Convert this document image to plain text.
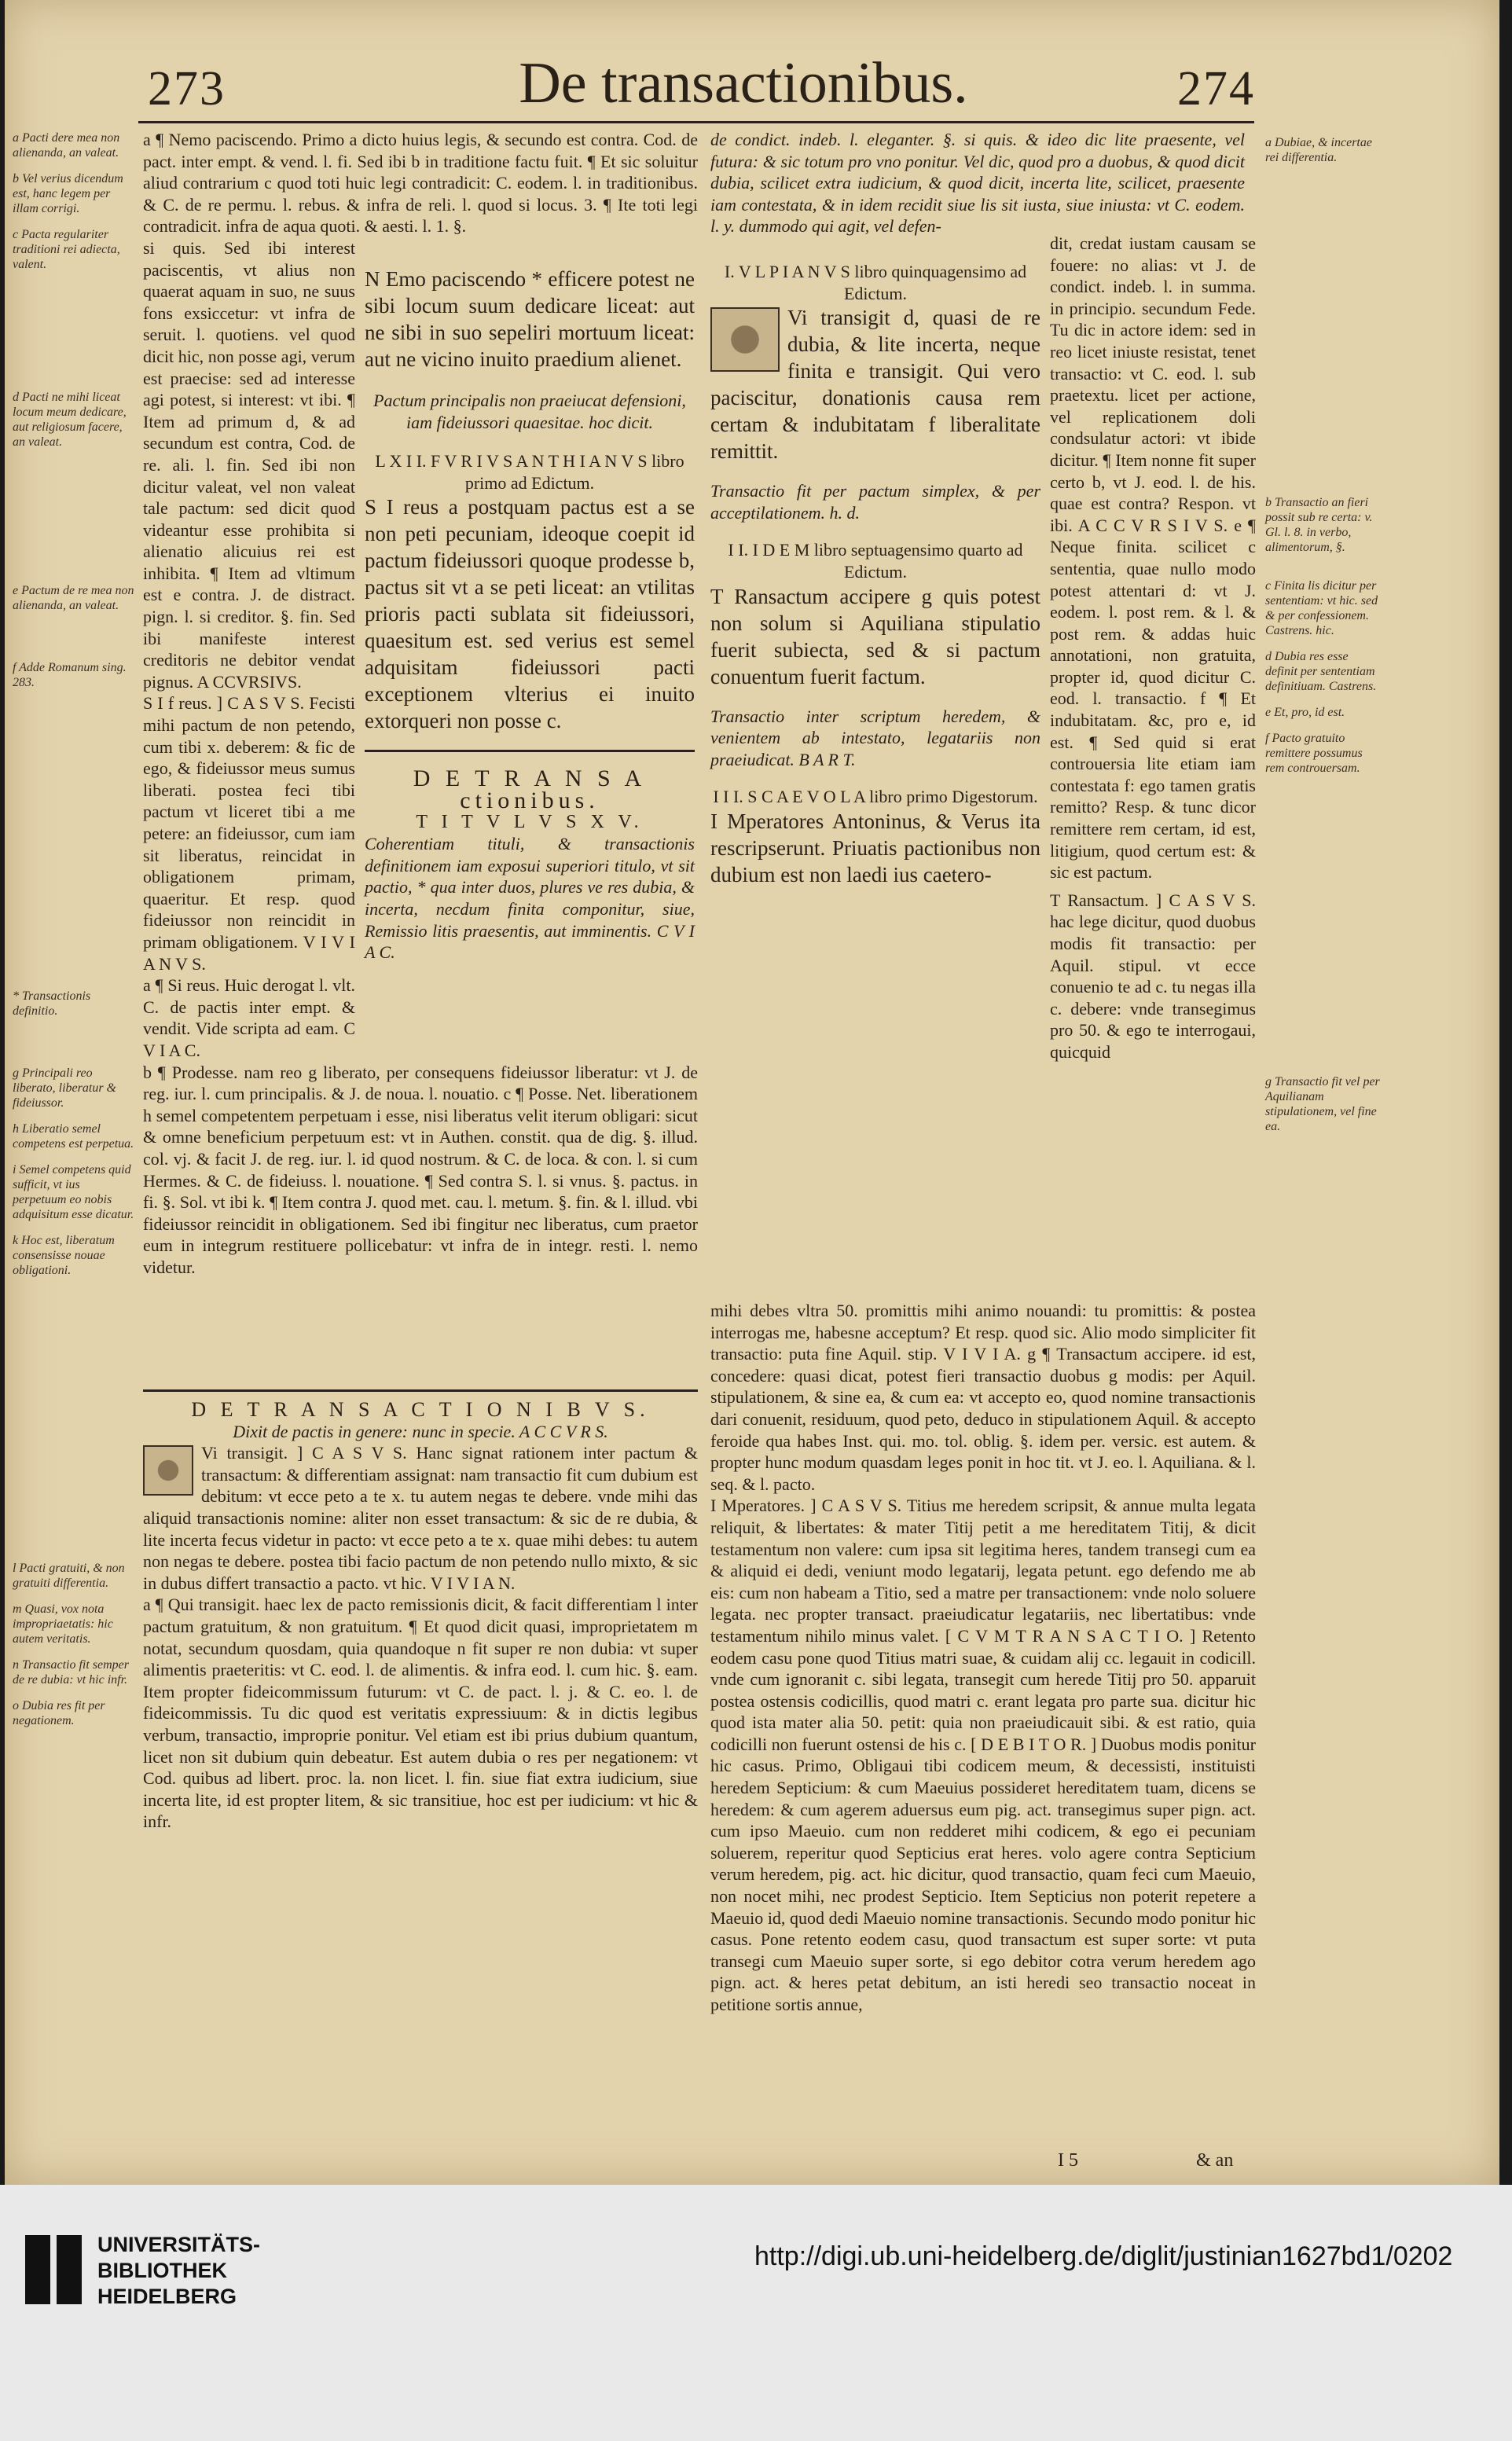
273	De transactionibus.	274

a Pacti dere mea non alienanda, an valeat.

b Vel verius dicendum est, hanc legem per illam corrigi.

c Pacta regulariter traditioni rei adiecta, valent.

d Pacti ne mihi liceat locum meum dedicare, aut religiosum facere, an valeat.

e Pactum de re mea non alienanda, an valeat.

f Adde Romanum sing. 283.

* Transactionis definitio.

g Principali reo liberato, liberatur & fideiussor.

h Liberatio semel competens est perpetua.

i Semel competens quid sufficit, vt ius perpetuum eo nobis adquisitum esse dicatur.

k Hoc est, liberatum consensisse nouae obligationi.

l Pacti gratuiti, & non gratuiti differentia.

m Quasi, vox nota impropriaetatis: hic autem veritatis.

n Transactio fit semper de re dubia: vt hic infr.

o Dubia res fit per negationem.

a ¶ Nemo paciscendo. Primo a dicto huius legis, & secundo est contra. Cod. de pact. inter empt. & vend. l. fi. Sed ibi b in traditione factu fuit. ¶ Et sic soluitur aliud contrarium c quod toti huic legi contradicit: C. eodem. l. in traditionibus. & C. de re permu. l. rebus. & infra de reli. l. quod si locus. 3. ¶ Ite toti legi contradicit. infra de aqua quoti. & aesti. l. 1. §.

si quis. Sed ibi interest paciscentis, vt alius non quaerat aquam in suo, ne suus fons exsiccetur: vt infra de seruit. l. quotiens. vel quod dicit hic, non posse agi, verum est praecise: sed ad interesse agi potest, si interest: vt ibi. ¶ Item ad primum d, & ad secundum est contra, Cod. de re. ali. l. fin. Sed ibi non dicitur valeat, vel non valeat tale pactum: sed dicit quod videantur esse prohibita si alienatio alicuius rei est inhibita. ¶ Item ad vltimum est e contra. J. de distract. pign. l. si creditor. §. fin. Sed ibi manifeste interest creditoris ne debitor vendat pignus. A CCVRSIVS.

S I f reus. ] C A S V S. Fecisti mihi pactum de non petendo, cum tibi x. deberem: & fic de ego, & fideiussor meus sumus liberati. postea feci tibi pactum vt liceret tibi a me petere: an fideiussor, cum iam sit liberatus, reincidat in obligationem primam, quaeritur. Et resp. quod fideiussor non reincidit in primam obligationem. V I V I A N V S.

a ¶ Si reus. Huic derogat l. vlt. C. de pactis inter empt. & vendit. Vide scripta ad eam. C V I A C.

b ¶ Prodesse. nam reo g liberato, per consequens fideiussor liberatur: vt J. de reg. iur. l. cum principalis. & J. de noua. l. nouatio. c ¶ Posse. Net. liberationem h semel competentem perpetuam i esse, nisi liberatus velit iterum obligari: sicut & omne beneficium perpetuum est: vt in Authen. constit. qua de dig. §. illud. col. vj. & facit J. de reg. iur. l. id quod nostrum. & C. de loca. & con. l. si cum Hermes. & C. de fideiuss. l. nouatione. ¶ Sed contra S. l. si vnus. §. pactus. in fi. §. Sol. vt ibi k. ¶ Item contra J. quod met. cau. l. metum. §. fin. & l. illud. vbi fideiussor reincidit in obligationem. Sed ibi fingitur nec liberatus, cum praetor eum in integrum restituere pollicebatur: vt infra de in integr. resti. l. nemo videtur.

N Emo paciscendo * efficere potest ne sibi locum suum dedicare liceat: aut ne sibi in suo sepeliri mortuum liceat: aut ne vicino inuito praedium alienet.

Pactum principalis non praeiucat defensioni, iam fideiussori quaesitae. hoc dicit.

L X I I. F V R I V S A N T H I A N V S libro primo ad Edictum.

S I reus a postquam pactus est a se non peti pecuniam, ideoque coepit id pactum fideiussori quoque prodesse b, pactus sit vt a se peti liceat: an vtilitas prioris pacti sublata sit fideiussori, quaesitum est. sed verius est semel adquisitam fideiussori pacti exceptionem vlterius ei inuito extorqueri non posse c.

D E T R A N S A ctionibus.

T I T V L V S X V.

Coherentiam tituli, & transactionis definitionem iam exposui superiori titulo, vt sit pactio, * qua inter duos, plures ve res dubia, & incerta, necdum finita componitur, siue, Remissio litis praesentis, aut imminentis. C V I A C.

de condict. indeb. l. eleganter. §. si quis. & ideo dic lite praesente, vel futura: & sic totum pro vno ponitur. Vel dic, quod pro a duobus, & quod dicit dubia, scilicet extra iudicium, & quod dicit, incerta lite, scilicet, praesente iam contestata, & in idem recidit siue lis sit iusta, siue iniusta: vt C. eodem. l. y. dummodo qui agit, vel defen-

I. V L P I A N V S libro quinquagensimo ad Edictum.

Vi transigit d, quasi de re dubia, & lite incerta, neque finita e transigit. Qui vero paciscitur, donationis causa rem certam & indubitatam f liberalitate remittit.

Transactio fit per pactum simplex, & per acceptilationem. h. d.

I I. I D E M libro septuagensimo quarto ad Edictum.

T Ransactum accipere g quis potest non solum si Aquiliana stipulatio fuerit subiecta, sed & si pactum conuentum fuerit factum.

Transactio inter scriptum heredem, & venientem ab intestato, legatariis non praeiudicat. B A R T.

I I I. S C A E V O L A libro primo Digestorum.

I Mperatores Antoninus, & Verus ita rescripserunt. Priuatis pactionibus non dubium est non laedi ius caetero-

dit, credat iustam causam se fouere: no alias: vt J. de condict. indeb. l. in summa. in principio. secundum Fede. Tu dic in actore idem: sed in reo licet iniuste resistat, tenet transactio: vt C. eod. l. sub praetextu. licet per actione, vel replicationem doli condsulatur actori: vt ibide dicitur. ¶ Item nonne fit super certo b, vt J. eod. l. de his. quae est contra? Respon. vt ibi. A C C V R S I V S. e ¶ Neque finita. scilicet c sententia, quae nullo modo potest attentari d: vt J. eodem. l. post rem. & l. & post rem. & addas huic annotationi, non gratuita, propter id, quod dicitur C. eod. l. transactio. f ¶ Et indubitatam. &c, pro e, id est. ¶ Sed quid si erat controuersia lite etiam iam contestata f: ego tamen gratis remitto? Resp. & tunc dicor remittere rem certam, id est, litigium, quod certum est: & sic est pactum.

T Ransactum. ] C A S V S. hac lege dicitur, quod duobus modis fit transactio: per Aquil. stipul. vt ecce conuenio te ad c. tu negas illa c. debere: vnde transegimus pro 50. & ego te interrogaui, quicquid

a Dubiae, & incertae rei differentia.

b Transactio an fieri possit sub re certa: v. Gl. l. 8. in verbo, alimentorum, §.

c Finita lis dicitur per sententiam: vt hic. sed & per confessionem. Castrens. hic.

d Dubia res esse definit per sententiam definitiuam. Castrens.

e Et, pro, id est.

f Pacto gratuito remittere possumus rem controuersam.

g Transactio fit vel per Aquilianam stipulationem, vel fine ea.

D E T R A N S A C T I O N I B V S.

Dixit de pactis in genere: nunc in specie. A C C V R S.

Vi transigit. ] C A S V S. Hanc signat rationem inter pactum & transactum: & differentiam assignat: nam transactio fit cum dubium est debitum: vt ecce peto a te x. tu autem negas te debere. vnde mihi das aliquid transactionis nomine: aliter non esset transactum: & sic de re dubia, & lite incerta fecus videtur in pacto: vt ecce peto a te x. quae mihi debes: tu autem non negas te debere. postea tibi facio pactum de non petendo nullo mixto, & sic in dubus differt transactio a pacto. vt hic. V I V I A N.

a ¶ Qui transigit. haec lex de pacto remissionis dicit, & facit differentiam l inter pactum gratuitum, & non gratuitum. ¶ Et quod dicit quasi, improprietatem m notat, secundum quosdam, quia quandoque n fit super re non dubia: vt super alimentis praeteritis: vt C. eod. l. de alimentis. & infra eod. l. cum hic. §. eam. Item propter fideicommissum futurum: vt C. de pact. l. j. & C. eo. l. de fideicommissis. Tu dic quod est veritatis expressiuum: & in dictis legibus verbum, transactio, improprie ponitur. Vel etiam est ibi prius dubium quantum, licet non sit dubium quin debeatur. Est autem dubia o res per negationem: vt Cod. quibus ad libert. proc. la. non licet. l. fin. siue fiat extra iudicium, siue incerta lite, id est propter litem, & sic transitiue, hoc est per iudicium: vt hic & infr.

mihi debes vltra 50. promittis mihi animo nouandi: tu promittis: & postea interrogas me, habesne acceptum? Et resp. quod sic. Alio modo simpliciter fit transactio: puta fine Aquil. stip. V I V I A. g ¶ Transactum accipere. id est, concedere: quasi dicat, potest fieri transactio duobus g modis: per Aquil. stipulationem, & sine ea, & cum ea: vt accepto eo, quod nomine transactionis dari conuenit, residuum, quod peto, deduco in stipulationem Aquil. & accepto feroide qua habes Inst. qui. mo. tol. oblig. §. idem per. versic. est autem. & propter hunc modum quasdam leges ponit in hoc tit. vt J. eo. l. Aquiliana. & l. seq. & l. pacto.

I Mperatores. ] C A S V S. Titius me heredem scripsit, & annue multa legata reliquit, & libertates: & mater Titij petit a me hereditatem Titij, & dicit testamentum non valere: cum ipsa sit legitima heres, tandem transegi cum ea & aliquid ei dedi, veniunt modo legatarij, legata petunt. ego defendo me ab eis: cum non habeam a Titio, sed a matre per transactionem: vnde nolo soluere legata. nec propter transact. praeiudicatur legatariis, nec libertatibus: vnde testamentum nihilo minus valet. [ C V M T R A N S A C T I O. ] Retento eodem casu pone quod Titius matri suae, & cuidam alij cc. legauit in codicill. vnde cum ignoranit c. sibi legata, transegit cum herede Titij pro 50. apparuit postea ostensis codicillis, quod matri c. erant legata pro parte sua. dicitur hic quod ista mater alia 50. petit: quia non praeiudicauit sibi. & est ratio, quia codicilli non fuerunt ostensi de his c. [ D E B I T O R. ] Duobus modis ponitur hic casus. Primo, Obligaui tibi codicem meum, & decessisti, instituisti heredem Septicium: & cum Maeuius possideret hereditatem tuam, dicens se heredem: & cum agerem aduersus eum pig. act. transegimus super pign. act. cum ipso Maeuio. cum non redderet mihi codicem, & ego ei pecuniam soluerem, reperitur quod Septicius erat heres. volo agere contra Septicium verum heredem, pig. act. hic dicitur, quod transactio, quam feci cum Maeuio, non nocet mihi, nec prodest Septicio. Item Septicius non poterit repetere a Maeuio id, quod dedi Maeuio nomine transactionis. Secundo modo ponitur hic casus. Pone retento eodem casu, quod transactum est super sorte: vt puta transegi cum Maeuio super sorte, si ego debitor cotra verum heredem ago pign. act. & heres petat debitum, an isti heredi seo transactio noceat in petitione sortis annue,

I 5	& an
UNIVERSITÄTS-
BIBLIOTHEK
HEIDELBERG
http://digi.ub.uni-heidelberg.de/diglit/justinian1627bd1/0202
